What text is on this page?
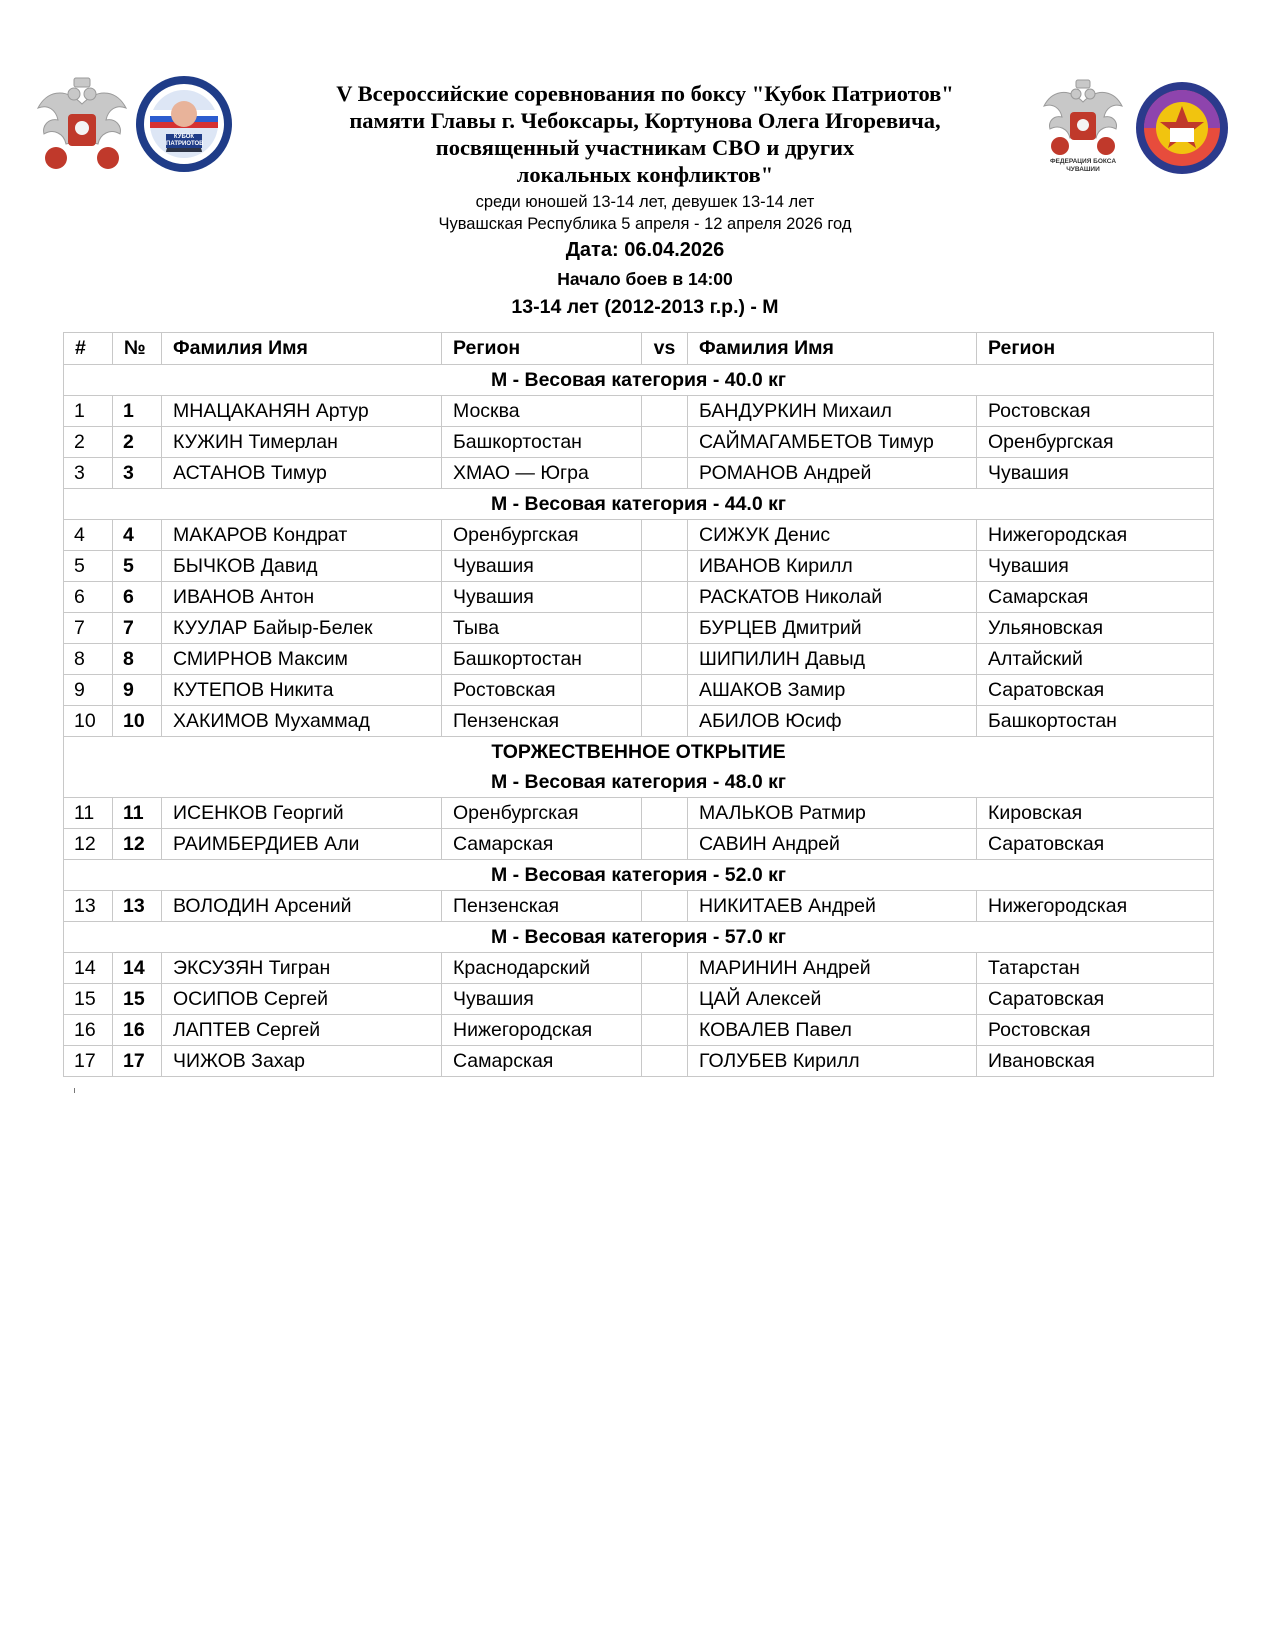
КУБОК ПАТРИОТОВ
ФЕДЕРАЦИЯ БОКСА ЧУВАШИИ
V Всероссийские соревнования по боксу "Кубок Патриотов"
памяти Главы г. Чебоксары, Кортунова Олега Игоревича,
посвященный участникам СВО и других
локальных конфликтов"
среди юношей 13-14 лет, девушек 13-14 лет
Чувашская Республика 5 апреля - 12 апреля 2026 год
Дата: 06.04.2026
Начало боев в 14:00
13-14 лет (2012-2013 г.р.) - М
#	№	Фамилия Имя	Регион	vs	Фамилия Имя	Регион

М - Весовая категория - 40.0 кг						

1	1	МНАЦАКАНЯН Артур	Москва		БАНДУРКИН Михаил	Ростовская
2	2	КУЖИН Тимерлан	Башкортостан		САЙМАГАМБЕТОВ Тимур	Оренбургская
3	3	АСТАНОВ Тимур	ХМАО — Югра		РОМАНОВ Андрей	Чувашия

М - Весовая категория - 44.0 кг						

4	4	МАКАРОВ Кондрат	Оренбургская		СИЖУК Денис	Нижегородская
5	5	БЫЧКОВ Давид	Чувашия		ИВАНОВ Кирилл	Чувашия
6	6	ИВАНОВ Антон	Чувашия		РАСКАТОВ Николай	Самарская
7	7	КУУЛАР Байыр-Белек	Тыва		БУРЦЕВ Дмитрий	Ульяновская
8	8	СМИРНОВ Максим	Башкортостан		ШИПИЛИН Давыд	Алтайский
9	9	КУТЕПОВ Никита	Ростовская		АШАКОВ Замир	Саратовская
10	10	ХАКИМОВ Мухаммад	Пензенская		АБИЛОВ Юсиф	Башкортостан

ТОРЖЕСТВЕННОЕ ОТКРЫТИЕ
М - Весовая категория - 48.0 кг						

11	11	ИСЕНКОВ Георгий	Оренбургская		МАЛЬКОВ Ратмир	Кировская
12	12	РАИМБЕРДИЕВ Али	Самарская		САВИН Андрей	Саратовская

М - Весовая категория - 52.0 кг						

13	13	ВОЛОДИН Арсений	Пензенская		НИКИТАЕВ Андрей	Нижегородская

М - Весовая категория - 57.0 кг						

14	14	ЭКСУЗЯН Тигран	Краснодарский		МАРИНИН Андрей	Татарстан
15	15	ОСИПОВ Сергей	Чувашия		ЦАЙ Алексей	Саратовская
16	16	ЛАПТЕВ Сергей	Нижегородская		КОВАЛЕВ Павел	Ростовская
17	17	ЧИЖОВ Захар	Самарская		ГОЛУБЕВ Кирилл	Ивановская
